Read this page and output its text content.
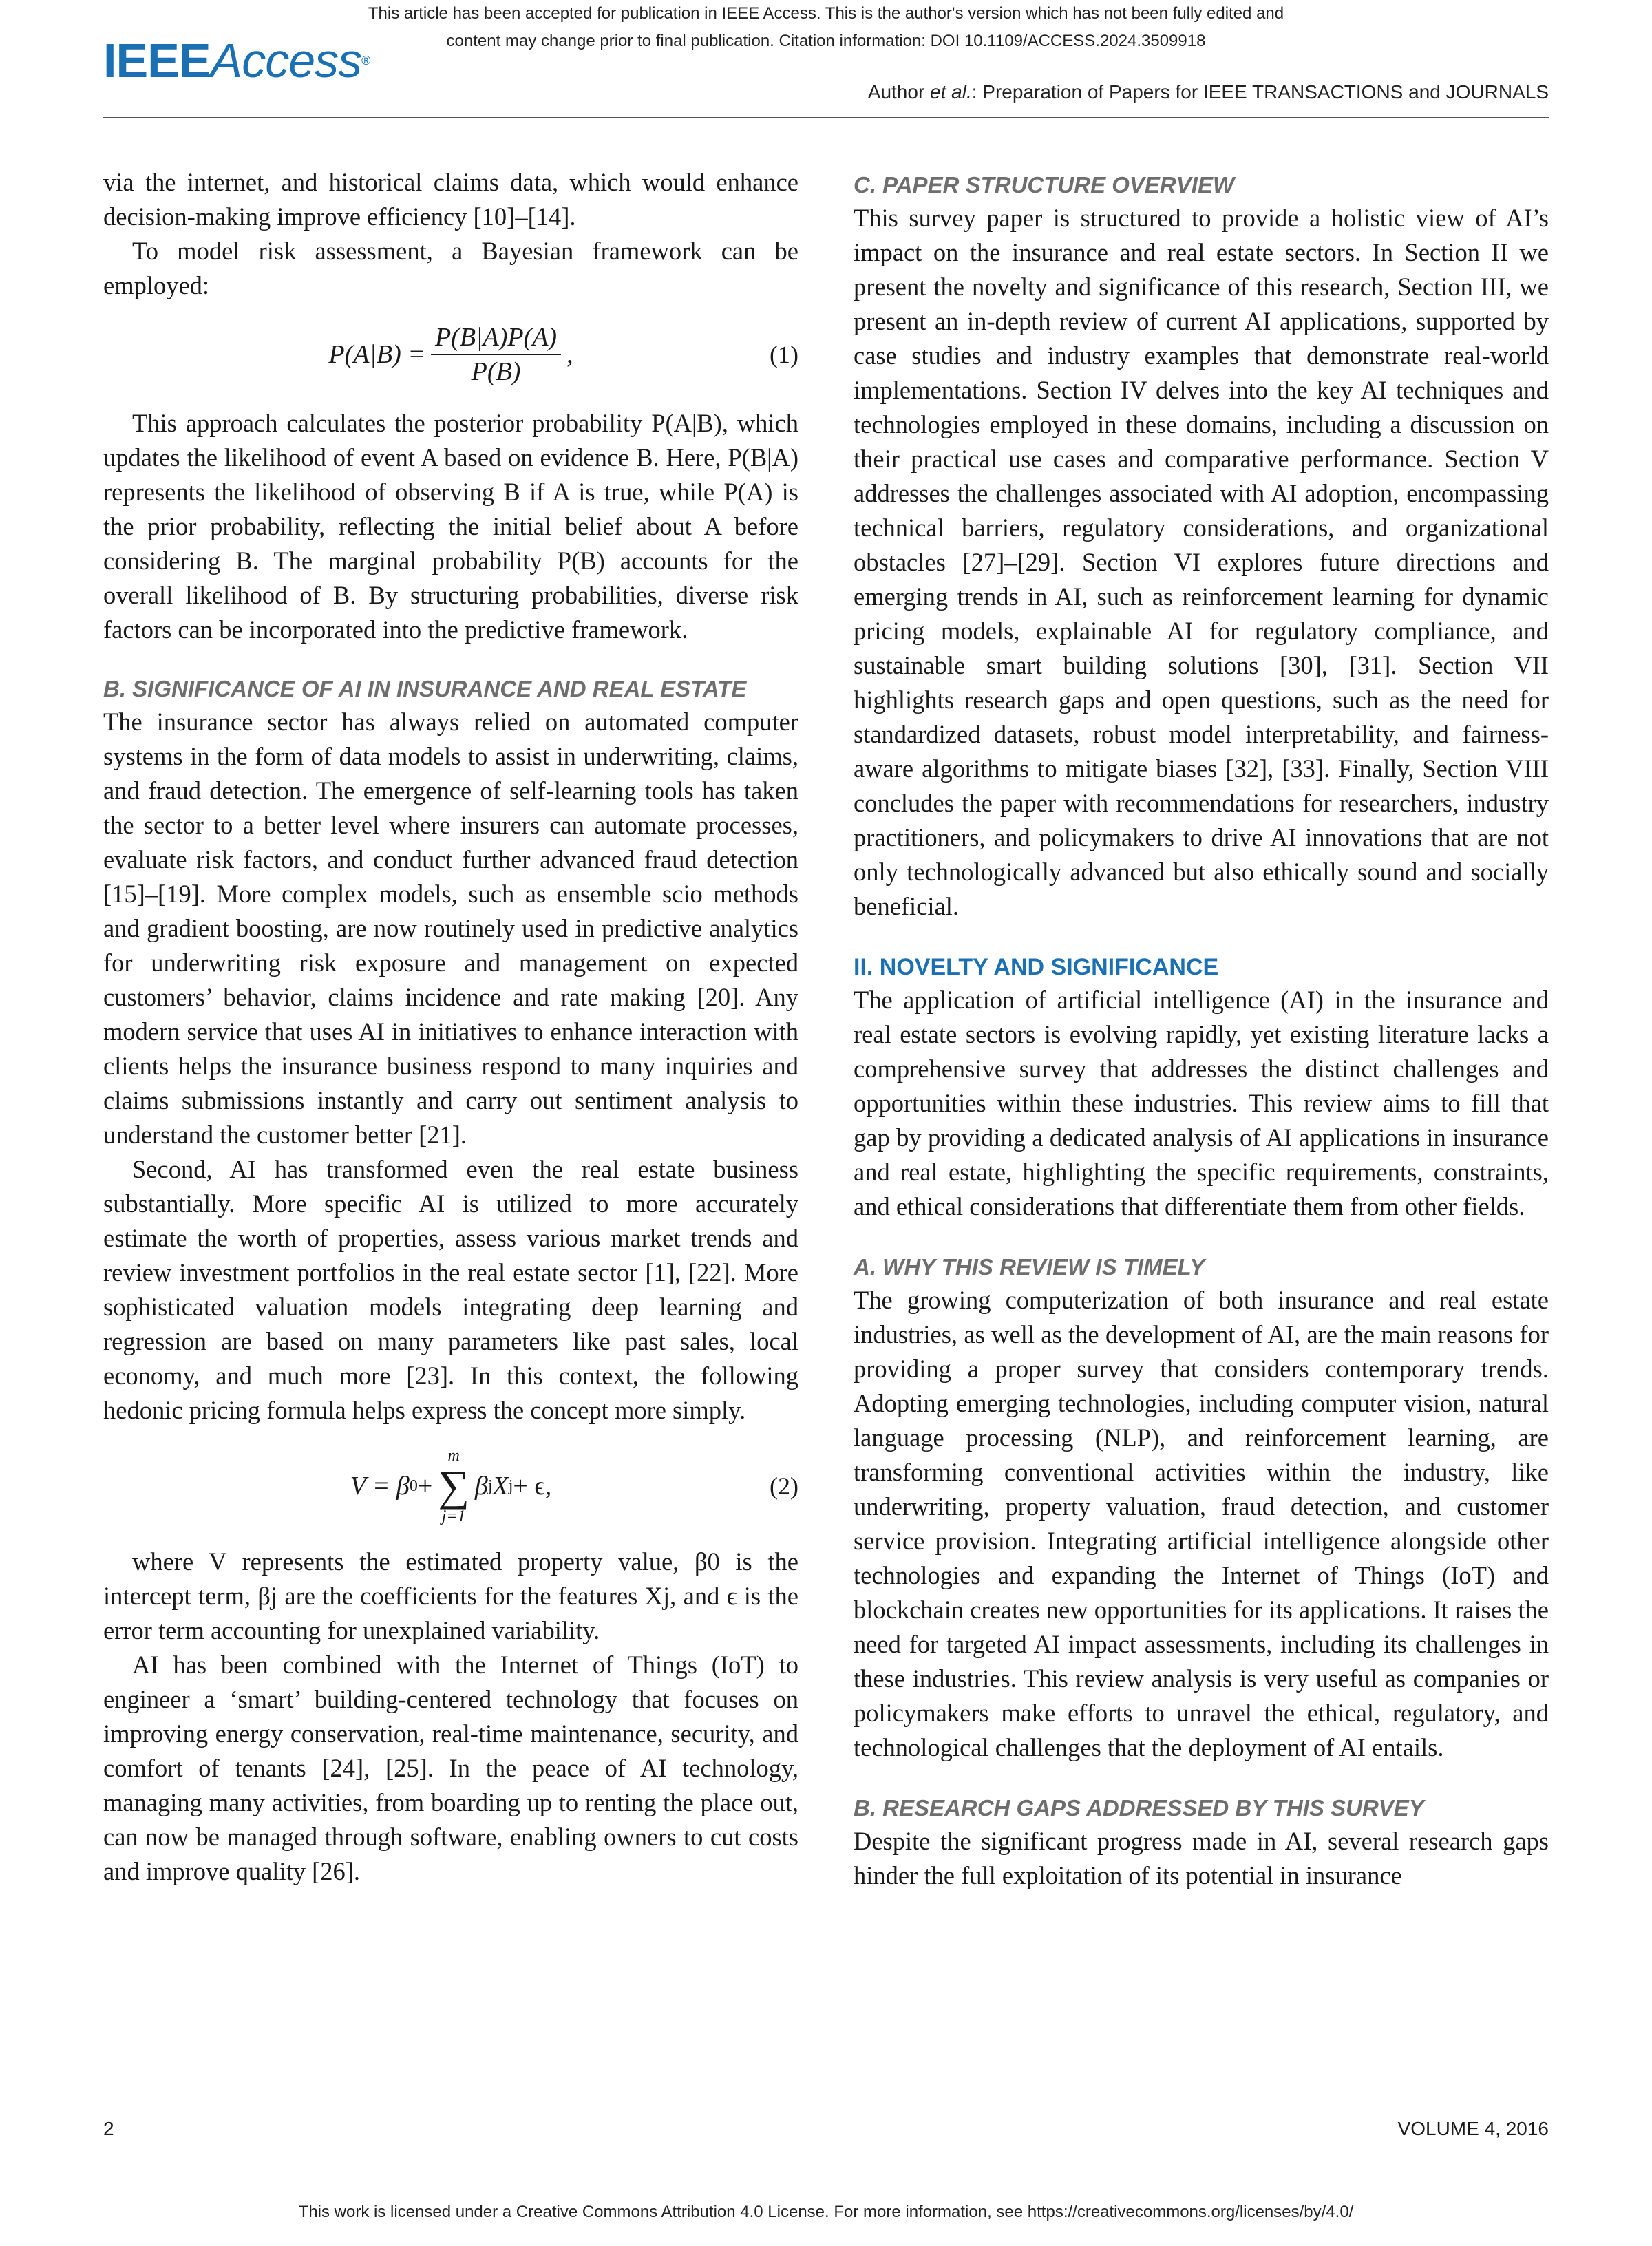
This article has been accepted for publication in IEEE Access. This is the author's version which has not been fully edited and
content may change prior to final publication. Citation information: DOI 10.1109/ACCESS.2024.3509918
IEEEAccess®
Author et al.: Preparation of Papers for IEEE TRANSACTIONS and JOURNALS

via the internet, and historical claims data, which would enhance decision-making improve efficiency [10]–[14].

To model risk assessment, a Bayesian framework can be employed:

$P(A|B) = \frac{P(B|A)P(A)}{P(B)}$ ,	(1)

This approach calculates the posterior probability P(A|B), which updates the likelihood of event A based on evidence B. Here, P(B|A) represents the likelihood of observing B if A is true, while P(A) is the prior probability, reflecting the initial belief about A before considering B. The marginal probability P(B) accounts for the overall likelihood of B. By structuring probabilities, diverse risk factors can be incorporated into the predictive framework.

B. SIGNIFICANCE OF AI IN INSURANCE AND REAL ESTATE

The insurance sector has always relied on automated computer systems in the form of data models to assist in underwriting, claims, and fraud detection. The emergence of self-learning tools has taken the sector to a better level where insurers can automate processes, evaluate risk factors, and conduct further advanced fraud detection [15]–[19]. More complex models, such as ensemble scio methods and gradient boosting, are now routinely used in predictive analytics for underwriting risk exposure and management on expected customers’ behavior, claims incidence and rate making [20]. Any modern service that uses AI in initiatives to enhance interaction with clients helps the insurance business respond to many inquiries and claims submissions instantly and carry out sentiment analysis to understand the customer better [21].

Second, AI has transformed even the real estate business substantially. More specific AI is utilized to more accurately estimate the worth of properties, assess various market trends and review investment portfolios in the real estate sector [1], [22]. More sophisticated valuation models integrating deep learning and regression are based on many parameters like past sales, local economy, and much more [23]. In this context, the following hedonic pricing formula helps express the concept more simply.

V = β 0 +
m
∑
j=1
β j X j + ϵ,	(2)

where V represents the estimated property value, β0 is the intercept term, βj are the coefficients for the features Xj, and ϵ is the error term accounting for unexplained variability.

AI has been combined with the Internet of Things (IoT) to engineer a ‘smart’ building-centered technology that focuses on improving energy conservation, real-time maintenance, security, and comfort of tenants [24], [25]. In the peace of AI technology, managing many activities, from boarding up to renting the place out, can now be managed through software, enabling owners to cut costs and improve quality [26].

C. PAPER STRUCTURE OVERVIEW

This survey paper is structured to provide a holistic view of AI’s impact on the insurance and real estate sectors. In Section II we present the novelty and significance of this research, Section III, we present an in-depth review of current AI applications, supported by case studies and industry examples that demonstrate real-world implementations. Section IV delves into the key AI techniques and technologies employed in these domains, including a discussion on their practical use cases and comparative performance. Section V addresses the challenges associated with AI adoption, encompassing technical barriers, regulatory considerations, and organizational obstacles [27]–[29]. Section VI explores future directions and emerging trends in AI, such as reinforcement learning for dynamic pricing models, explainable AI for regulatory compliance, and sustainable smart building solutions [30], [31]. Section VII highlights research gaps and open questions, such as the need for standardized datasets, robust model interpretability, and fairness-aware algorithms to mitigate biases [32], [33]. Finally, Section VIII concludes the paper with recommendations for researchers, industry practitioners, and policymakers to drive AI innovations that are not only technologically advanced but also ethically sound and socially beneficial.

II. NOVELTY AND SIGNIFICANCE

The application of artificial intelligence (AI) in the insurance and real estate sectors is evolving rapidly, yet existing literature lacks a comprehensive survey that addresses the distinct challenges and opportunities within these industries. This review aims to fill that gap by providing a dedicated analysis of AI applications in insurance and real estate, highlighting the specific requirements, constraints, and ethical considerations that differentiate them from other fields.

A. WHY THIS REVIEW IS TIMELY

The growing computerization of both insurance and real estate industries, as well as the development of AI, are the main reasons for providing a proper survey that considers contemporary trends. Adopting emerging technologies, including computer vision, natural language processing (NLP), and reinforcement learning, are transforming conventional activities within the industry, like underwriting, property valuation, fraud detection, and customer service provision. Integrating artificial intelligence alongside other technologies and expanding the Internet of Things (IoT) and blockchain creates new opportunities for its applications. It raises the need for targeted AI impact assessments, including its challenges in these industries. This review analysis is very useful as companies or policymakers make efforts to unravel the ethical, regulatory, and technological challenges that the deployment of AI entails.

B. RESEARCH GAPS ADDRESSED BY THIS SURVEY

Despite the significant progress made in AI, several research gaps hinder the full exploitation of its potential in insurance

2	VOLUME 4, 2016
This work is licensed under a Creative Commons Attribution 4.0 License. For more information, see https://creativecommons.org/licenses/by/4.0/
